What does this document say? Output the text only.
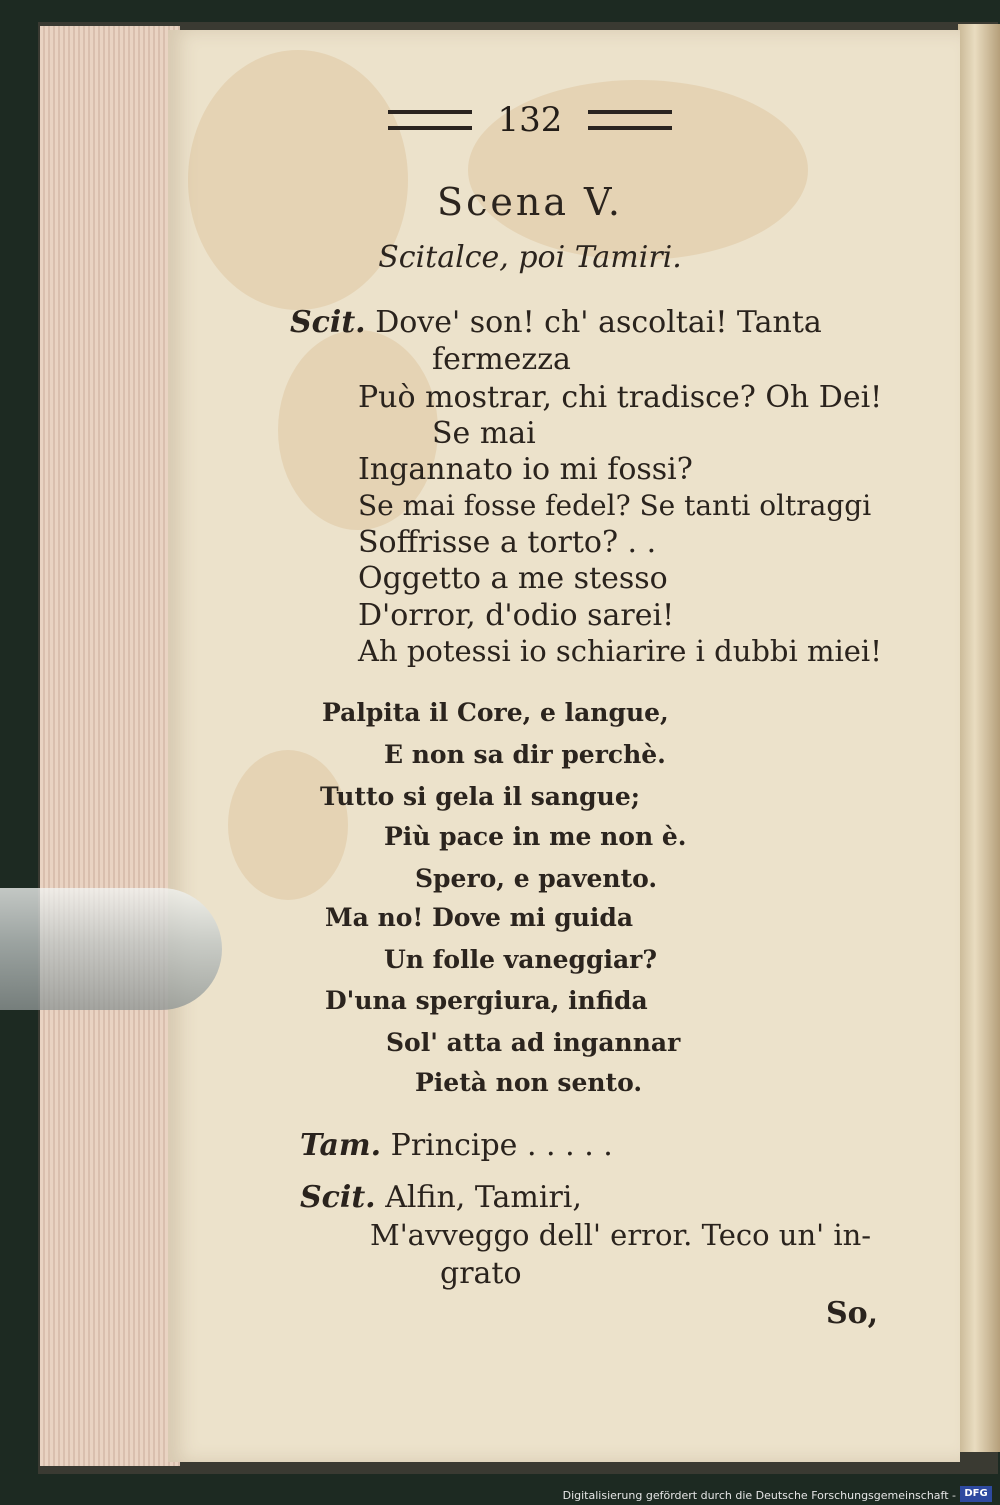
132
Scena V.
Scitalce, poi Tamiri.
Scit. Dove' son! ch' ascoltai! Tanta
fermezza
Può mostrar, chi tradisce? Oh Dei!
Se mai
Ingannato io mi fossi?
Se mai fosse fedel? Se tanti oltraggi
Soffrisse a torto? . .
Oggetto a me stesso
D'orror, d'odio sarei!
Ah potessi io schiarire i dubbi miei!
Palpita il Core, e langue,
E non sa dir perchè.
Tutto si gela il sangue;
Più pace in me non è.
Spero, e pavento.
Ma no! Dove mi guida
Un folle vaneggiar?
D'una spergiura, infida
Sol' atta ad ingannar
Pietà non sento.
Tam. Principe . . . . .
Scit. Alfin, Tamiri,
M'avveggo dell' error. Teco un' in-
grato
So,
Digitalisierung gefördert durch die Deutsche Forschungsgemeinschaft - DFG
